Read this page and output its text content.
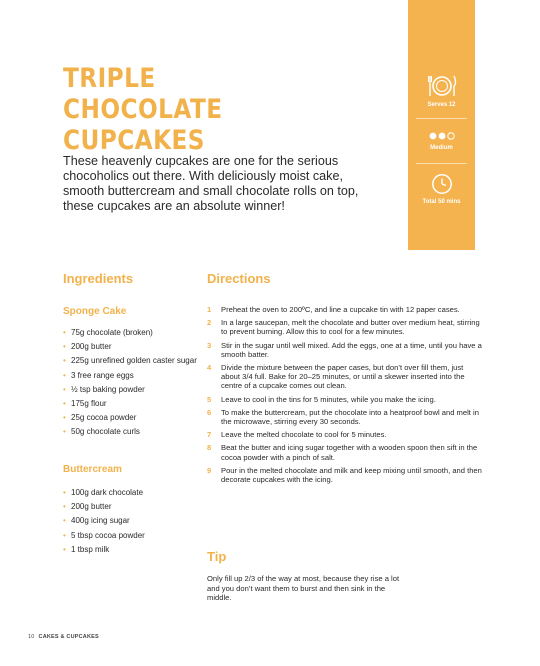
Serves 12
Medium
Total 50 mins
TRIPLE CHOCOLATE
CUPCAKES

These heavenly cupcakes are one for the serious chocoholics out there. With deliciously moist cake, smooth buttercream and small chocolate rolls on top, these cupcakes are an absolute winner!

Ingredients
Sponge Cake
• 75g chocolate (broken)
• 200g butter
• 225g unrefined golden caster sugar
• 3 free range eggs
• ½ tsp baking powder
• 175g flour
• 25g cocoa powder
• 50g chocolate curls
Buttercream
• 100g dark chocolate
• 200g butter
• 400g icing sugar
• 5 tbsp cocoa powder
• 1 tbsp milk
Directions
1 Preheat the oven to 200ºC, and line a cupcake tin with 12 paper cases.
2 In a large saucepan, melt the chocolate and butter over medium heat, stirring to prevent burning. Allow this to cool for a few minutes.
3 Stir in the sugar until well mixed. Add the eggs, one at a time, until you have a smooth batter.
4 Divide the mixture between the paper cases, but don’t over fill them, just about 3/4 full. Bake for 20–25 minutes, or until a skewer inserted into the centre of a cupcake comes out clean.
5 Leave to cool in the tins for 5 minutes, while you make the icing.
6 To make the buttercream, put the chocolate into a heatproof bowl and melt in the microwave, stirring every 30 seconds.
7 Leave the melted chocolate to cool for 5 minutes.
8 Beat the butter and icing sugar together with a wooden spoon then sift in the cocoa powder with a pinch of salt.
9 Pour in the melted chocolate and milk and keep mixing until smooth, and then decorate cupcakes with the icing.
Tip

Only fill up 2/3 of the way at most, because they rise a lot and you don’t want them to burst and then sink in the middle.

10 CAKES & CUPCAKES
